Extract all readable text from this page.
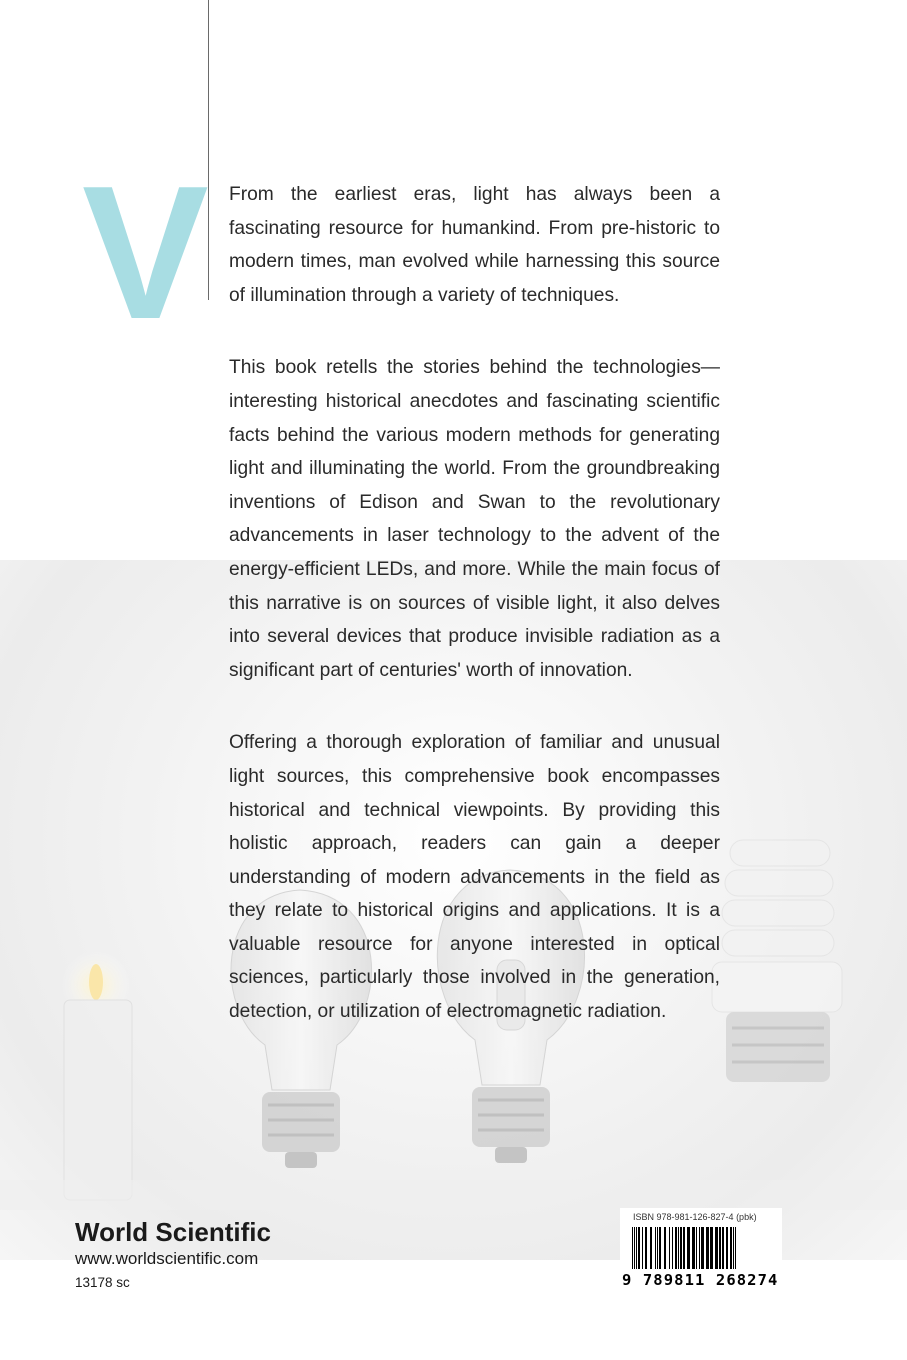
V From the earliest eras, light has always been a fascinating resource for humankind. From pre-historic to modern times, man evolved while harnessing this source of illumination through a variety of techniques.

This book retells the stories behind the technologies—interesting historical anecdotes and fascinating scientific facts behind the various modern methods for generating light and illuminating the world. From the groundbreaking inventions of Edison and Swan to the revolutionary advancements in laser technology to the advent of the energy-efficient LEDs, and more. While the main focus of this narrative is on sources of visible light, it also delves into several devices that produce invisible radiation as a significant part of centuries' worth of innovation.

Offering a thorough exploration of familiar and unusual light sources, this comprehensive book encompasses historical and technical viewpoints. By providing this holistic approach, readers can gain a deeper understanding of modern advancements in the field as they relate to historical origins and applications. It is a valuable resource for anyone interested in optical sciences, particularly those involved in the generation, detection, or utilization of electromagnetic radiation.

World Scientific
www.worldscientific.com
13178 sc
ISBN 978-981-126-827-4 (pbk)
9 789811 268274
